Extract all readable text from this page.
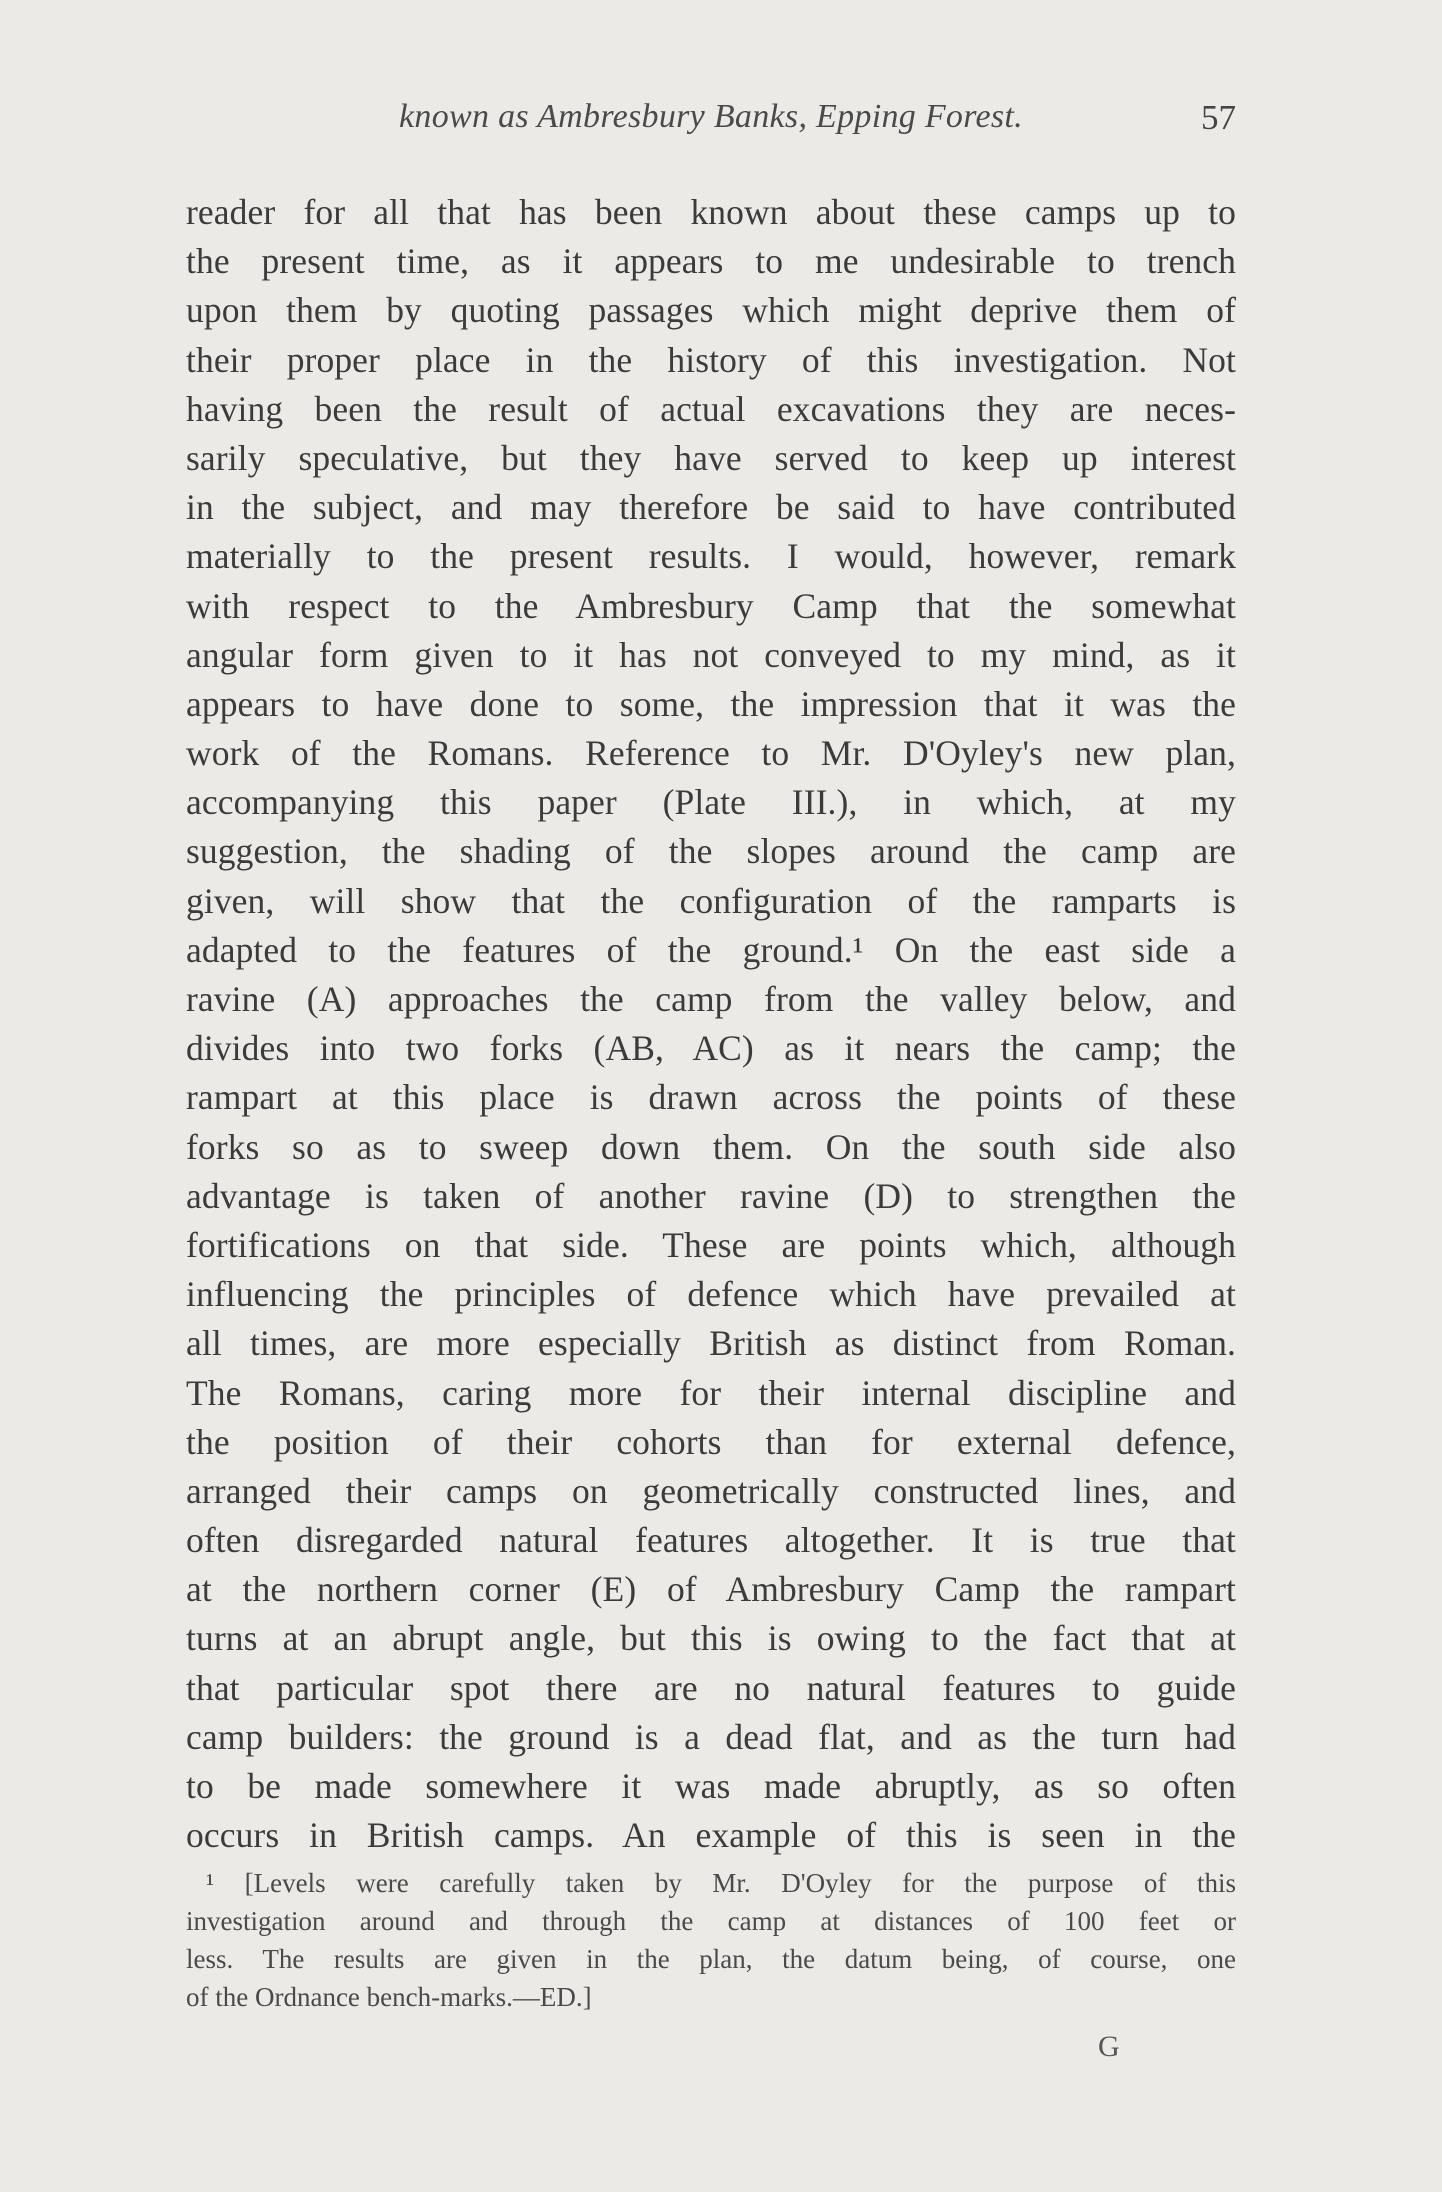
known as Ambresbury Banks, Epping Forest.	57
reader for all that has been known about these camps up to
the present time, as it appears to me undesirable to trench
upon them by quoting passages which might deprive them of
their proper place in the history of this investigation. Not
having been the result of actual excavations they are neces-
sarily speculative, but they have served to keep up interest
in the subject, and may therefore be said to have contributed
materially to the present results. I would, however, remark
with respect to the Ambresbury Camp that the somewhat
angular form given to it has not conveyed to my mind, as it
appears to have done to some, the impression that it was the
work of the Romans. Reference to Mr. D'Oyley's new plan,
accompanying this paper (Plate III.), in which, at my
suggestion, the shading of the slopes around the camp are
given, will show that the configuration of the ramparts is
adapted to the features of the ground.¹ On the east side a
ravine (A) approaches the camp from the valley below, and
divides into two forks (AB, AC) as it nears the camp; the
rampart at this place is drawn across the points of these
forks so as to sweep down them. On the south side also
advantage is taken of another ravine (D) to strengthen the
fortifications on that side. These are points which, although
influencing the principles of defence which have prevailed at
all times, are more especially British as distinct from Roman.
The Romans, caring more for their internal discipline and
the position of their cohorts than for external defence,
arranged their camps on geometrically constructed lines, and
often disregarded natural features altogether. It is true that
at the northern corner (E) of Ambresbury Camp the rampart
turns at an abrupt angle, but this is owing to the fact that at
that particular spot there are no natural features to guide
camp builders: the ground is a dead flat, and as the turn had
to be made somewhere it was made abruptly, as so often
occurs in British camps. An example of this is seen in the
¹ [Levels were carefully taken by Mr. D'Oyley for the purpose of this
investigation around and through the camp at distances of 100 feet or
less. The results are given in the plan, the datum being, of course, one
of the Ordnance bench-marks.—ED.]
G
